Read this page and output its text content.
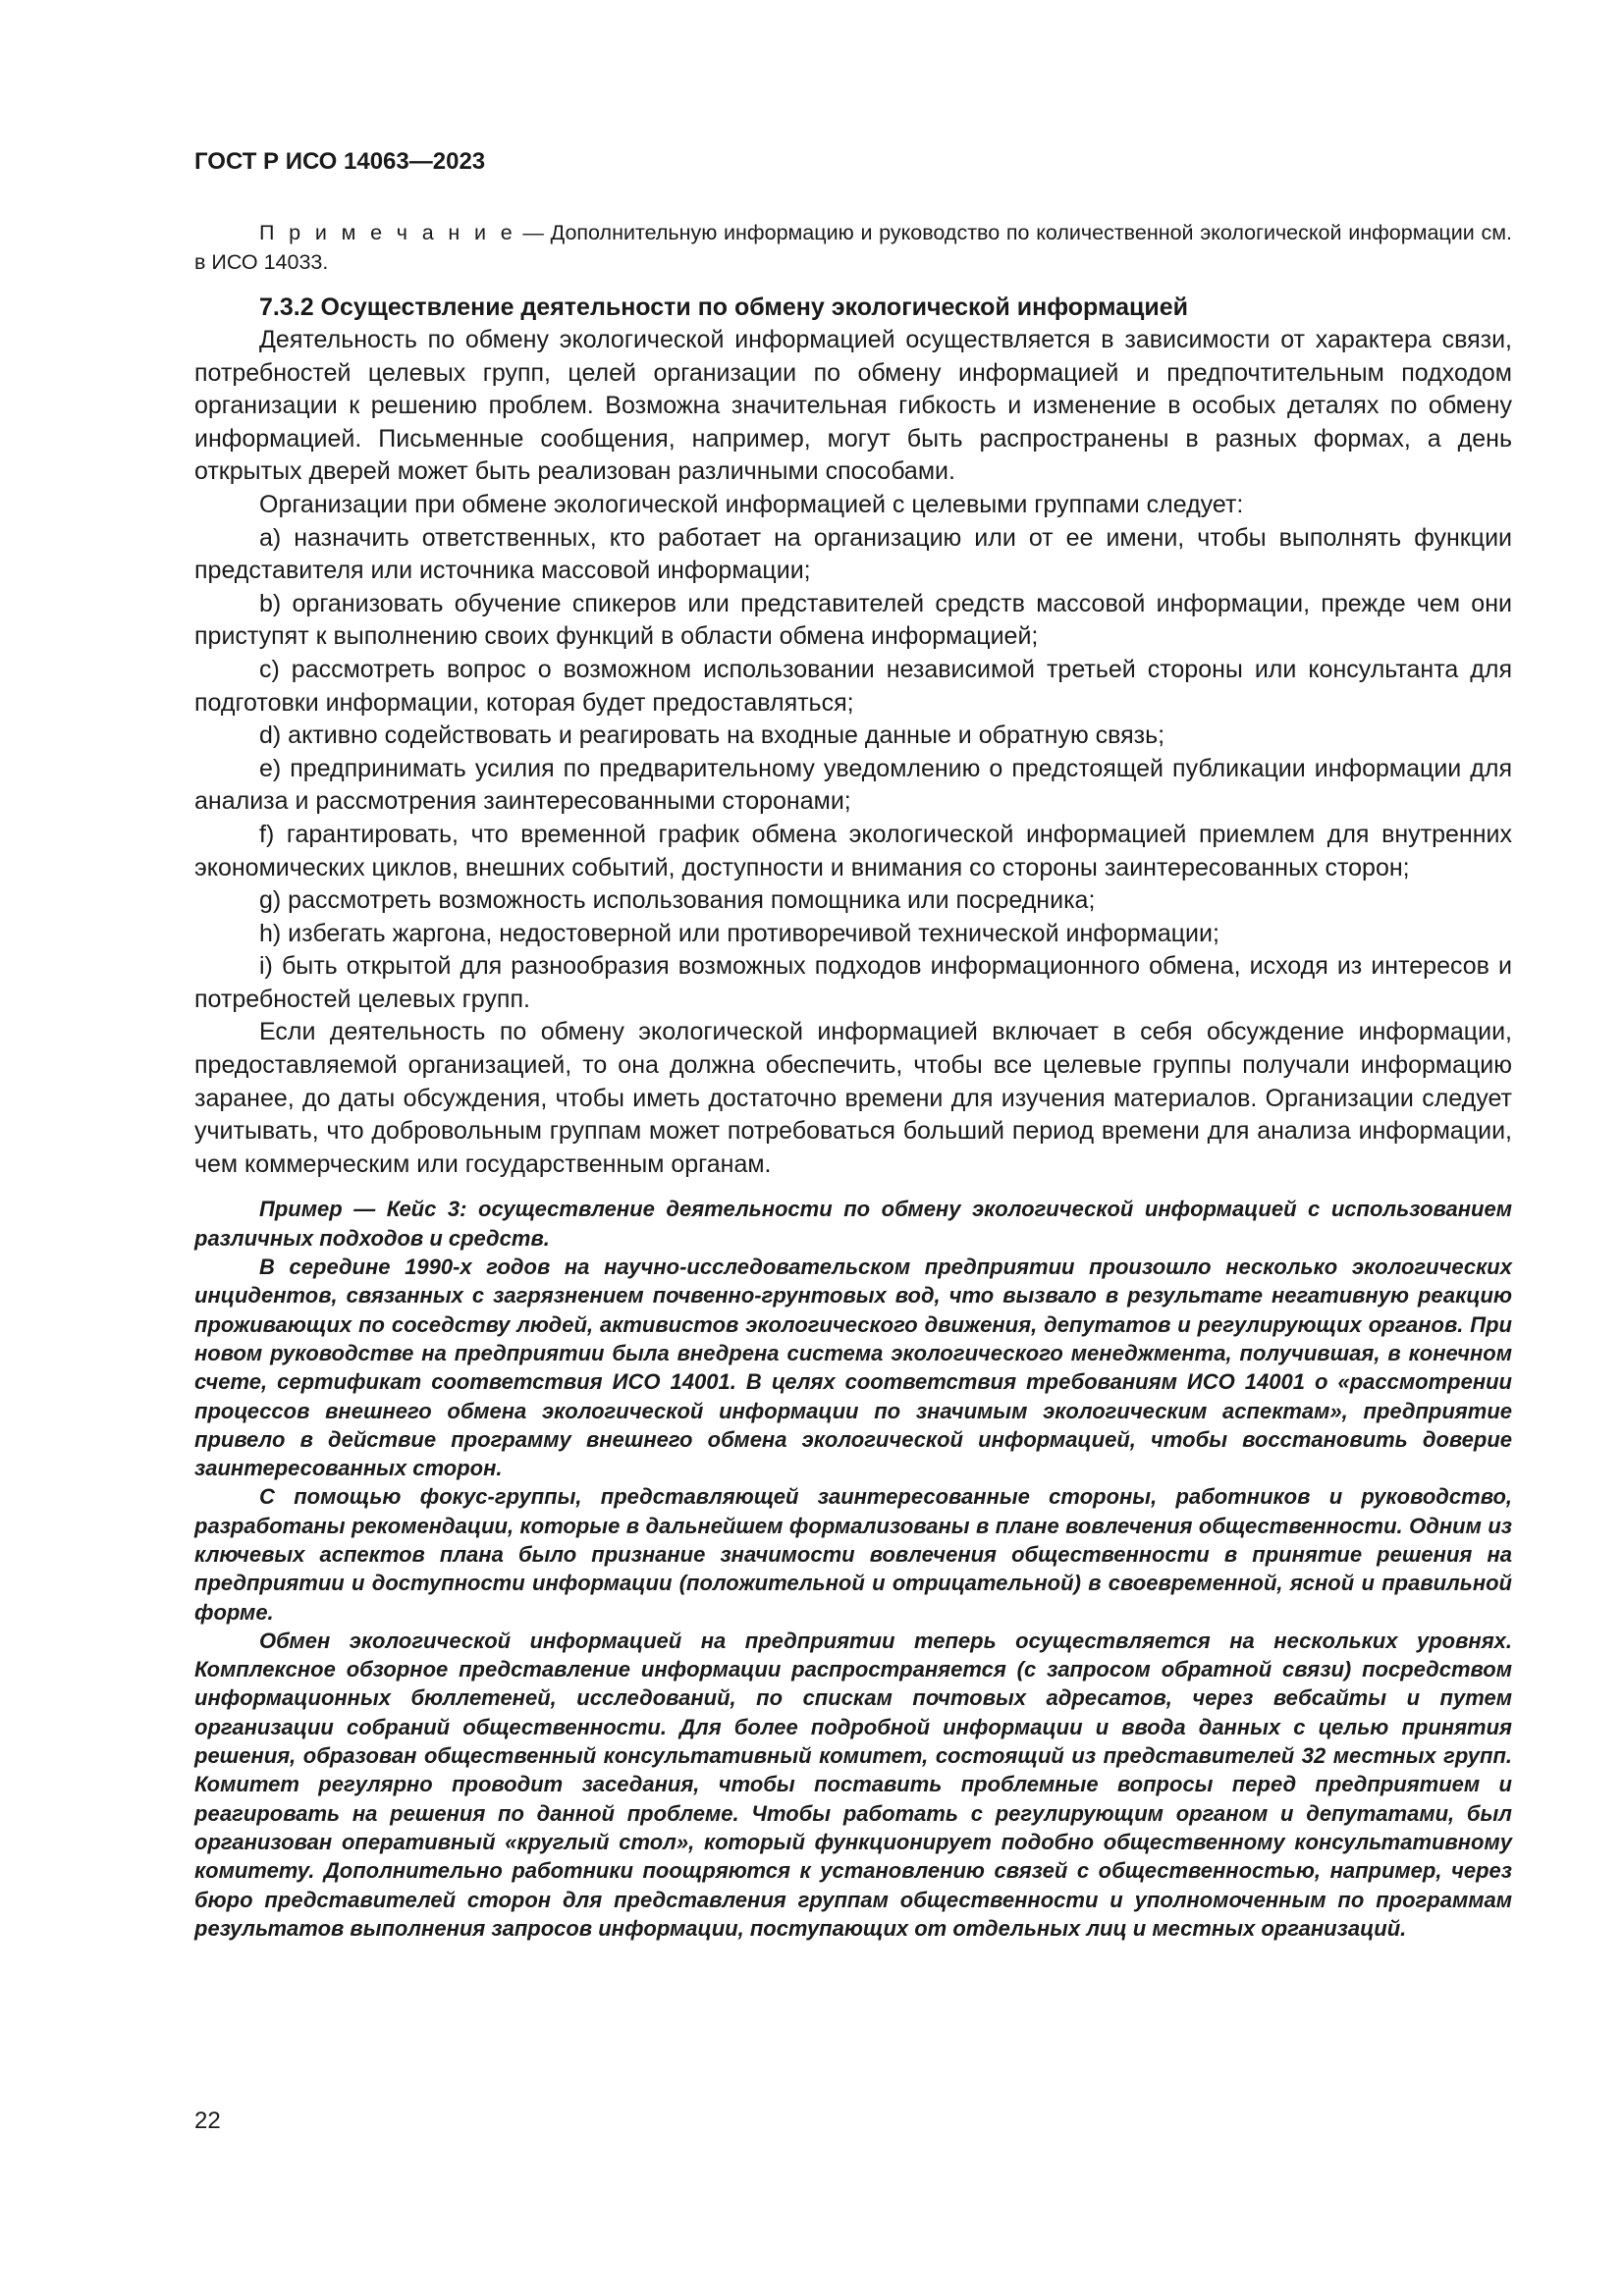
ГОСТ Р ИСО 14063—2023

П р и м е ч а н и е — Дополнительную информацию и руководство по количественной экологической информации см. в ИСО 14033.

7.3.2 Осуществление деятельности по обмену экологической информацией

Деятельность по обмену экологической информацией осуществляется в зависимости от характера связи, потребностей целевых групп, целей организации по обмену информацией и предпочтительным подходом организации к решению проблем. Возможна значительная гибкость и изменение в особых деталях по обмену информацией. Письменные сообщения, например, могут быть распространены в разных формах, а день открытых дверей может быть реализован различными способами.

Организации при обмене экологической информацией с целевыми группами следует:

a) назначить ответственных, кто работает на организацию или от ее имени, чтобы выполнять функции представителя или источника массовой информации;

b) организовать обучение спикеров или представителей средств массовой информации, прежде чем они приступят к выполнению своих функций в области обмена информацией;

c) рассмотреть вопрос о возможном использовании независимой третьей стороны или консультанта для подготовки информации, которая будет предоставляться;

d) активно содействовать и реагировать на входные данные и обратную связь;

e) предпринимать усилия по предварительному уведомлению о предстоящей публикации информации для анализа и рассмотрения заинтересованными сторонами;

f) гарантировать, что временной график обмена экологической информацией приемлем для внутренних экономических циклов, внешних событий, доступности и внимания со стороны заинтересованных сторон;

g) рассмотреть возможность использования помощника или посредника;

h) избегать жаргона, недостоверной или противоречивой технической информации;

i) быть открытой для разнообразия возможных подходов информационного обмена, исходя из интересов и потребностей целевых групп.

Если деятельность по обмену экологической информацией включает в себя обсуждение информации, предоставляемой организацией, то она должна обеспечить, чтобы все целевые группы получали информацию заранее, до даты обсуждения, чтобы иметь достаточно времени для изучения материалов. Организации следует учитывать, что добровольным группам может потребоваться больший период времени для анализа информации, чем коммерческим или государственным органам.

Пример — Кейс 3: осуществление деятельности по обмену экологической информацией с использованием различных подходов и средств.

В середине 1990-х годов на научно-исследовательском предприятии произошло несколько экологических инцидентов, связанных с загрязнением почвенно-грунтовых вод, что вызвало в результате негативную реакцию проживающих по соседству людей, активистов экологического движения, депутатов и регулирующих органов. При новом руководстве на предприятии была внедрена система экологического менеджмента, получившая, в конечном счете, сертификат соответствия ИСО 14001. В целях соответствия требованиям ИСО 14001 о «рассмотрении процессов внешнего обмена экологической информации по значимым экологическим аспектам», предприятие привело в действие программу внешнего обмена экологической информацией, чтобы восстановить доверие заинтересованных сторон.

С помощью фокус-группы, представляющей заинтересованные стороны, работников и руководство, разработаны рекомендации, которые в дальнейшем формализованы в плане вовлечения общественности. Одним из ключевых аспектов плана было признание значимости вовлечения общественности в принятие решения на предприятии и доступности информации (положительной и отрицательной) в своевременной, ясной и правильной форме.

Обмен экологической информацией на предприятии теперь осуществляется на нескольких уровнях. Комплексное обзорное представление информации распространяется (с запросом обратной связи) посредством информационных бюллетеней, исследований, по спискам почтовых адресатов, через вебсайты и путем организации собраний общественности. Для более подробной информации и ввода данных с целью принятия решения, образован общественный консультативный комитет, состоящий из представителей 32 местных групп. Комитет регулярно проводит заседания, чтобы поставить проблемные вопросы перед предприятием и реагировать на решения по данной проблеме. Чтобы работать с регулирующим органом и депутатами, был организован оперативный «круглый стол», который функционирует подобно общественному консультативному комитету. Дополнительно работники поощряются к установлению связей с общественностью, например, через бюро представителей сторон для представления группам общественности и уполномоченным по программам результатов выполнения запросов информации, поступающих от отдельных лиц и местных организаций.

22
